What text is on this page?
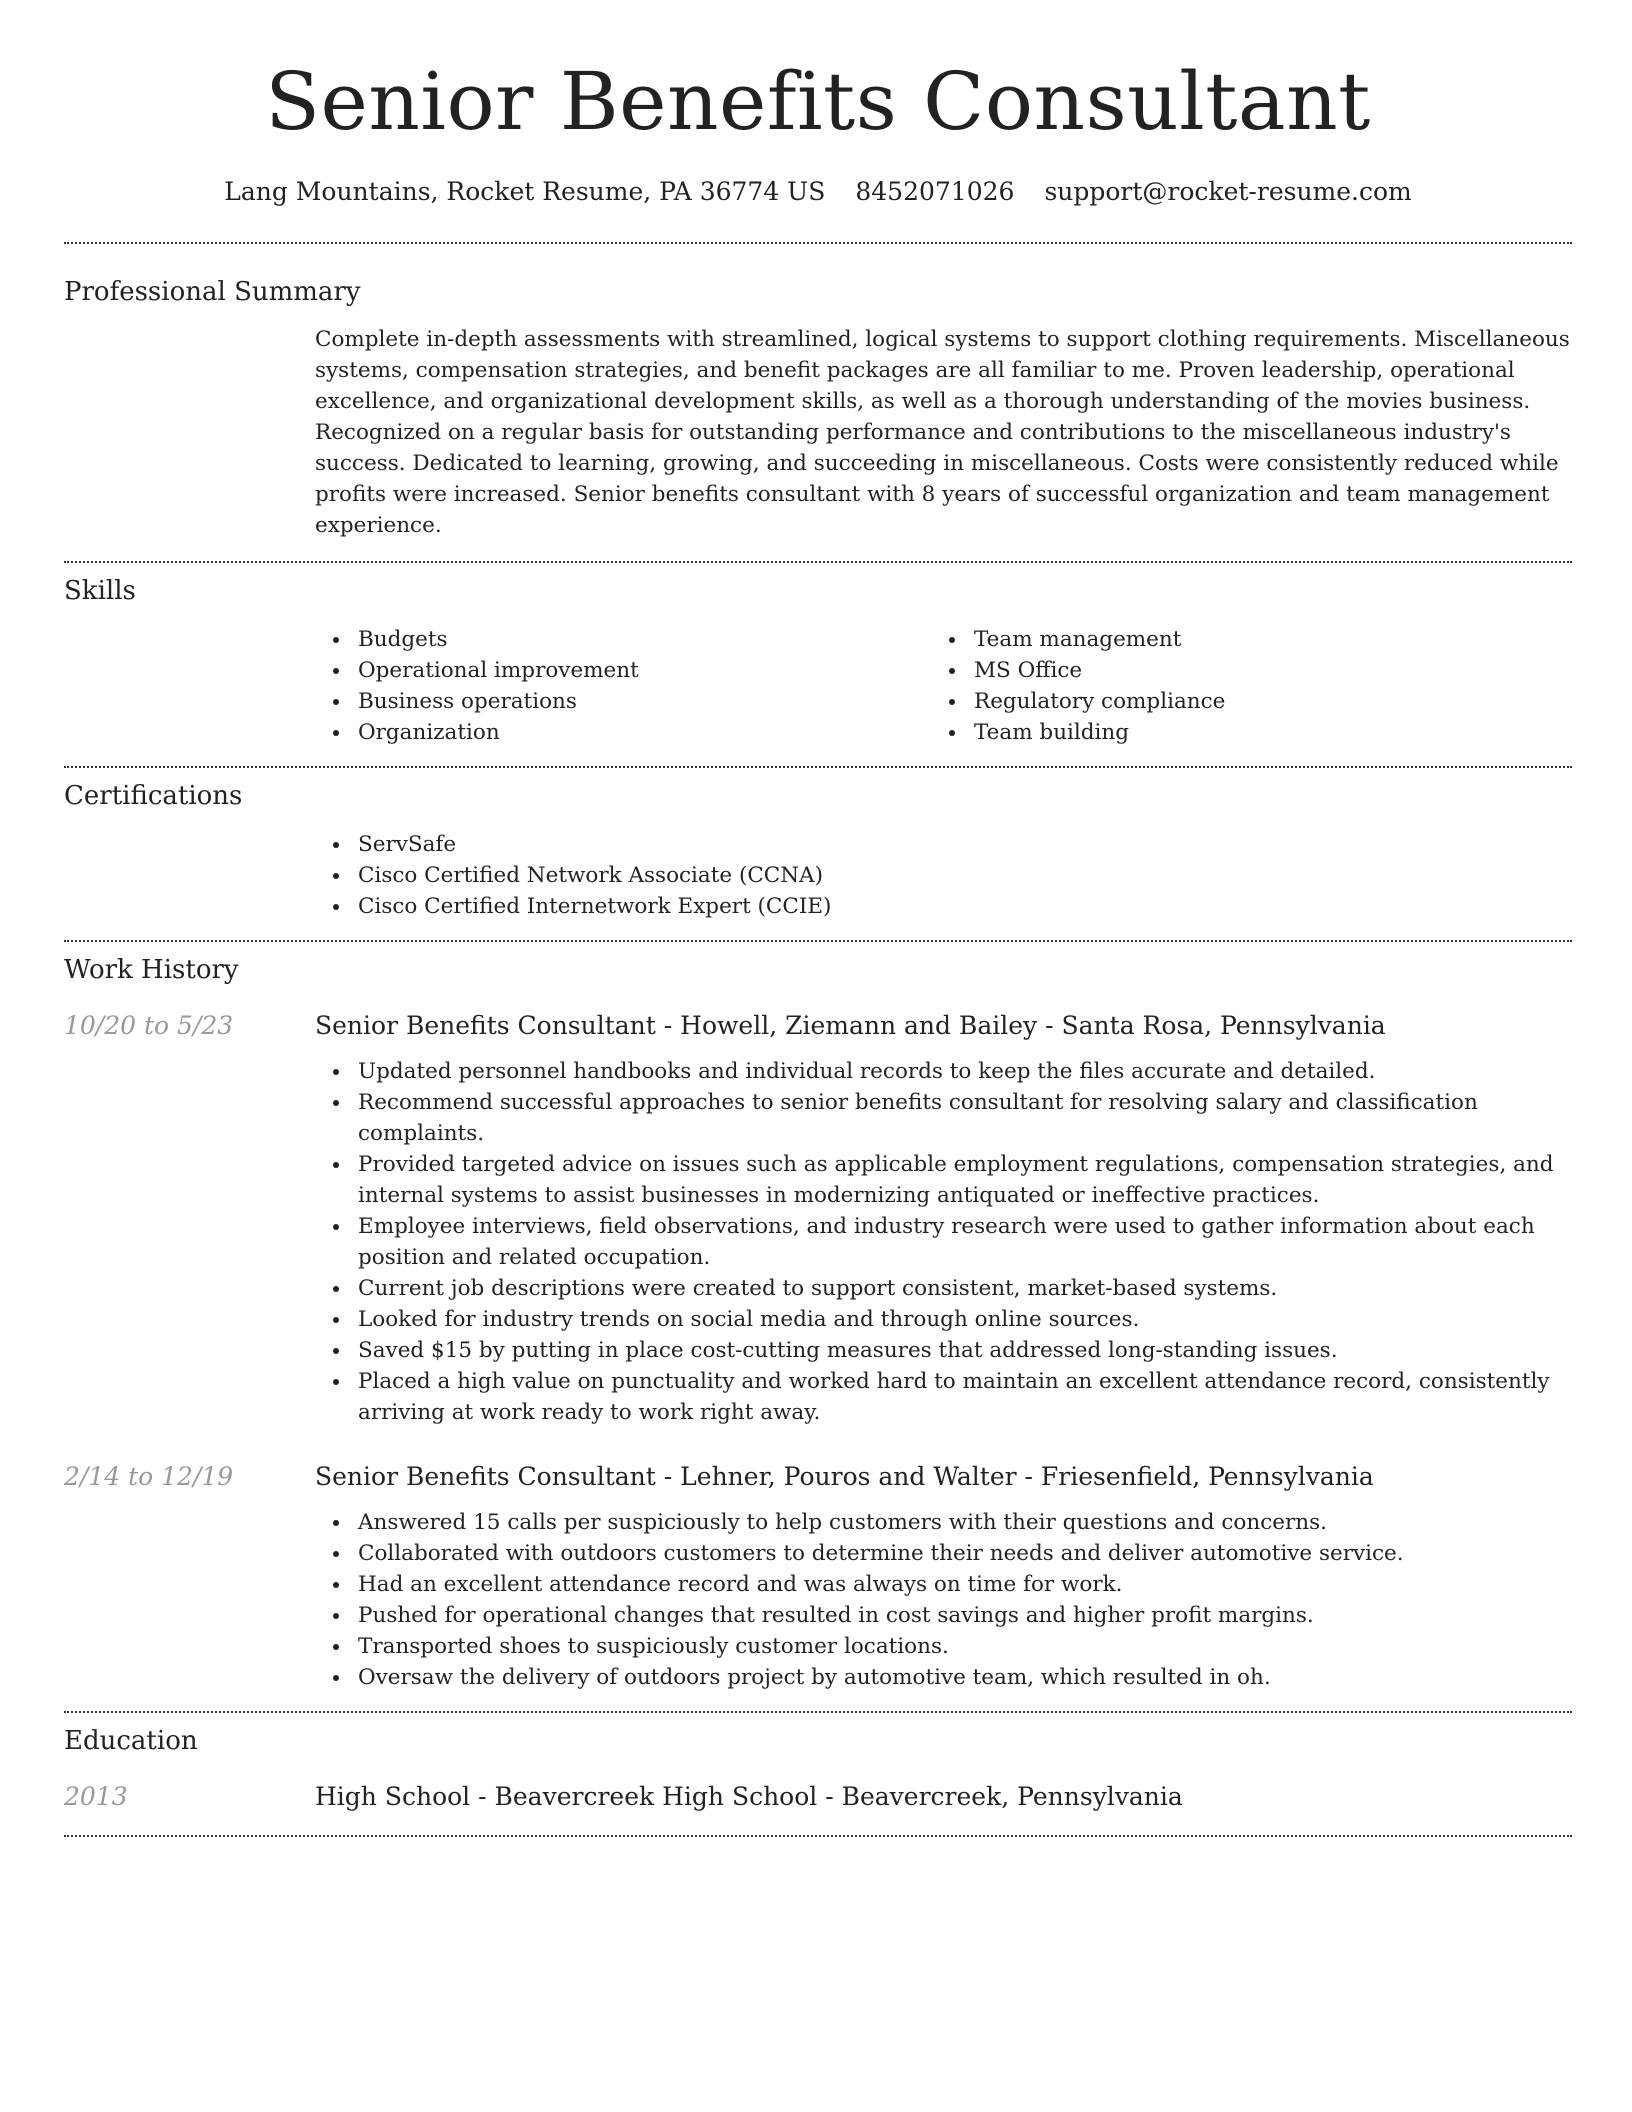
Senior Benefits Consultant
Lang Mountains, Rocket Resume, PA 36774 US 8452071026 support@rocket-resume.com
Professional Summary
Complete in-depth assessments with streamlined, logical systems to support clothing requirements. Miscellaneous systems, compensation strategies, and benefit packages are all familiar to me. Proven leadership, operational excellence, and organizational development skills, as well as a thorough understanding of the movies business. Recognized on a regular basis for outstanding performance and contributions to the miscellaneous industry's success. Dedicated to learning, growing, and succeeding in miscellaneous. Costs were consistently reduced while profits were increased. Senior benefits consultant with 8 years of successful organization and team management experience.
Skills
Budgets
Operational improvement
Business operations
Organization
Team management
MS Office
Regulatory compliance
Team building
Certifications
ServSafe
Cisco Certified Network Associate (CCNA)
Cisco Certified Internetwork Expert (CCIE)
Work History
10/20 to 5/23	Senior Benefits Consultant - Howell, Ziemann and Bailey - Santa Rosa, Pennsylvania
Updated personnel handbooks and individual records to keep the files accurate and detailed.
Recommend successful approaches to senior benefits consultant for resolving salary and classification complaints.
Provided targeted advice on issues such as applicable employment regulations, compensation strategies, and internal systems to assist businesses in modernizing antiquated or ineffective practices.
Employee interviews, field observations, and industry research were used to gather information about each position and related occupation.
Current job descriptions were created to support consistent, market-based systems.
Looked for industry trends on social media and through online sources.
Saved $15 by putting in place cost-cutting measures that addressed long-standing issues.
Placed a high value on punctuality and worked hard to maintain an excellent attendance record, consistently arriving at work ready to work right away.
2/14 to 12/19	Senior Benefits Consultant - Lehner, Pouros and Walter - Friesenfield, Pennsylvania
Answered 15 calls per suspiciously to help customers with their questions and concerns.
Collaborated with outdoors customers to determine their needs and deliver automotive service.
Had an excellent attendance record and was always on time for work.
Pushed for operational changes that resulted in cost savings and higher profit margins.
Transported shoes to suspiciously customer locations.
Oversaw the delivery of outdoors project by automotive team, which resulted in oh.
Education
2013	High School - Beavercreek High School - Beavercreek, Pennsylvania
